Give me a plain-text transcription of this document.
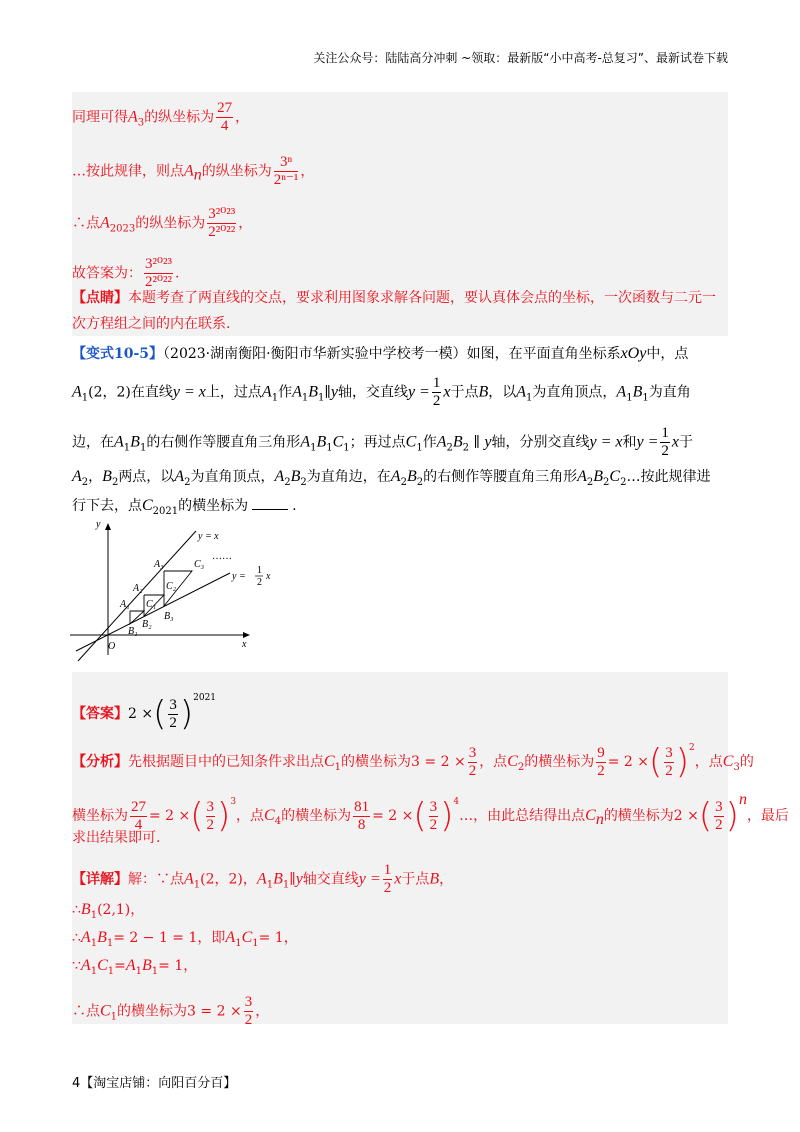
关注公众号：陆陆高分冲刺 ~领取：最新版“小中高考-总复习”、最新试卷下载
同理可得$A_3$的纵坐标为 $\frac{27}{4}$ ，
…按此规律，则点$A_n$的纵坐标为 $\frac{\text{3ⁿ}}{\text{2ⁿ⁻¹}}$ ，
∴点$A_{2023}$的纵坐标为 $\frac{\text{3²⁰²³}}{\text{2²⁰²²}}$ ，
故答案为： $\frac{\text{3²⁰²³}}{\text{2²⁰²²}}$ .
【点睛】本题考查了两直线的交点，要求利用图象求解各问题，要认真体会点的坐标，一次函数与二元一
次方程组之间的内在联系.
【变式10-5】（2023·湖南衡阳·衡阳市华新实验中学校考一模）如图，在平面直角坐标系xOy中，点
$A_1(2$，2)在直线y = x上，过点$A_1$作$A_1B_1\parallel y$轴，交直线$y = \frac{1}{2}$ x于点B，以$A_1$为直角顶点，$A_1B_1$为直角
边，在$A_1B_1$的右侧作等腰直角三角形$A_1B_1C_1$；再过点$C_1$作$A_2B_2$ ∥ y轴，分别交直线y = x和$y = \frac{1}{2}$ x于
$A_2$，$B_2$两点，以$A_2$为直角顶点，$A_2B_2$为直角边，在$A_2B_2$的右侧作等腰直角三角形$A_2B_2C_2\dots$按此规律进
行下去，点$C_{2021}$的横坐标为	.
y
x
O
y = x
……
y =
1
2
x
A₁
A₂
A₃
B₁
B₂
B₃
C₁
C₂
C₃
【答案】2 ×( $\frac{3}{2} )^{2021}$
【分析】先根据题目中的已知条件求出点$C_1$的横坐标为$3 = 2 \times \frac{3}{2}$ ，点$C_2$的横坐标为 $\frac{9}{2} = 2$ ×( $\frac{3}{2} )^2$，点$C_3$的
横坐标为 $\frac{27}{4} = 2$ ×( $\frac{3}{2} )^3$，点$C_4$的横坐标为 $\frac{81}{8} = 2$ ×( $\frac{3}{2}$ )$^4$…，由此总结得出点$C_n$的横坐标为2 ×( $\frac{3}{2} )^n$，最后
求出结果即可.
【详解】解：∵点$A_1(2$，2)，$A_1B_1\parallel y$轴交直线$y = \frac{1}{2}$ x于点B，
$\therefore B_1(2,1)$，
$\therefore A_1B_1= 2 - 1 = 1$，即$A_1C_1= 1$，
$\because A_1C_1=A_1B_1= 1$，
∴点$C_1$的横坐标为$3 = 2 \times \frac{3}{2}$ ，
4【淘宝店铺：向阳百分百】
